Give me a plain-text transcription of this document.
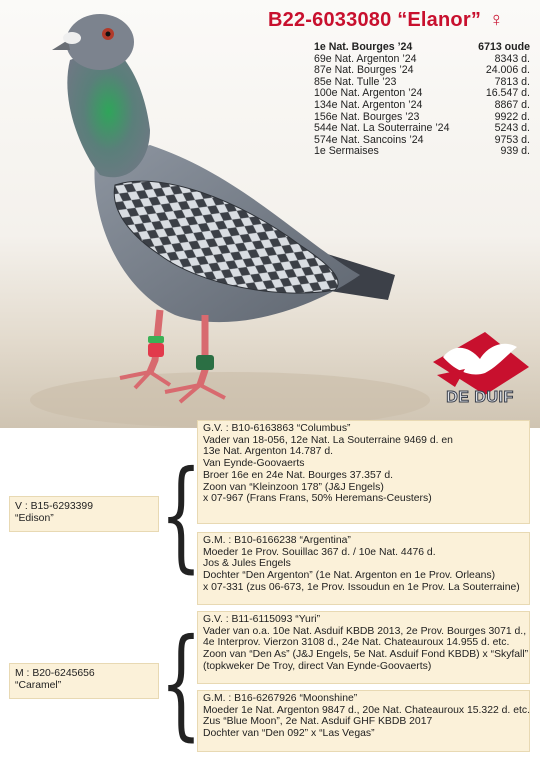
B22-6033080 “Elanor” ♀
1e Nat. Bourges ’24	6713 oude
69e Nat. Argenton ’24	8343 d.
87e Nat. Bourges ’24	24.006 d.
85e Nat. Tulle ’23	7813 d.
100e Nat. Argenton ’24	16.547 d.
134e Nat. Argenton ’24	8867 d.
156e Nat. Bourges ’23	9922 d.
544e Nat. La Souterraine ’24	5243 d.
574e Nat. Sancoins ’24	9753 d.
1e Sermaises	939 d.
DE DUIF
G.V. : B10-6163863 “Columbus”
Vader van 18-056, 12e Nat. La Souterraine 9469 d. en
13e Nat. Argenton 14.787 d.
Van Eynde-Goovaerts
Broer 16e en 24e Nat. Bourges 37.357 d.
Zoon van “Kleinzoon 178” (J&J Engels)
x 07-967 (Frans Frans, 50% Heremans-Ceusters)
G.M. : B10-6166238 “Argentina”
Moeder 1e Prov. Souillac 367 d. / 10e Nat. 4476 d.
Jos & Jules Engels
Dochter “Den Argenton” (1e Nat. Argenton en 1e Prov. Orleans)
x 07-331 (zus 06-673, 1e Prov. Issoudun en 1e Prov. La Souterraine)
G.V. : B11-6115093 “Yuri”
Vader van o.a. 10e Nat. Asduif KBDB 2013, 2e Prov. Bourges 3071 d.,
4e Interprov. Vierzon 3108 d., 24e Nat. Chateauroux 14.955 d. etc.
Zoon van “Den As” (J&J Engels, 5e Nat. Asduif Fond KBDB) x “Skyfall”
(topkweker De Troy, direct Van Eynde-Goovaerts)
G.M. : B16-6267926 “Moonshine”
Moeder 1e Nat. Argenton 9847 d., 20e Nat. Chateauroux 15.322 d. etc.
Zus “Blue Moon”, 2e Nat. Asduif GHF KBDB 2017
Dochter van “Den 092” x “Las Vegas”
V : B15-6293399
“Edison”
M : B20-6245656
“Caramel”
{
{
